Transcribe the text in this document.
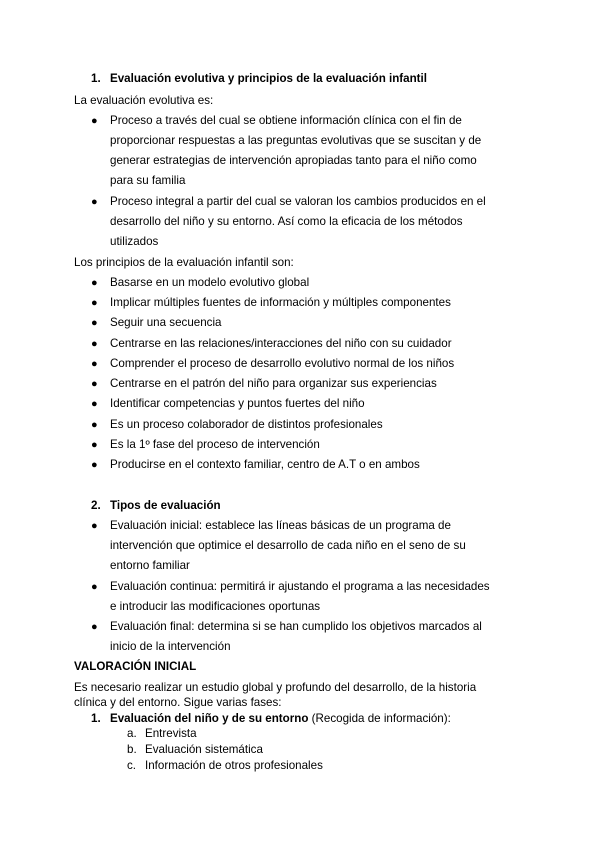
1. Evaluación evolutiva y principios de la evaluación infantil
La evaluación evolutiva es:
● Proceso a través del cual se obtiene información clínica con el fin de
proporcionar respuestas a las preguntas evolutivas que se suscitan y de
generar estrategias de intervención apropiadas tanto para el niño como
para su familia
● Proceso integral a partir del cual se valoran los cambios producidos en el
desarrollo del niño y su entorno. Así como la eficacia de los métodos
utilizados
Los principios de la evaluación infantil son:
● Basarse en un modelo evolutivo global
● Implicar múltiples fuentes de información y múltiples componentes
● Seguir una secuencia
● Centrarse en las relaciones/interacciones del niño con su cuidador
● Comprender el proceso de desarrollo evolutivo normal de los niños
● Centrarse en el patrón del niño para organizar sus experiencias
● Identificar competencias y puntos fuertes del niño
● Es un proceso colaborador de distintos profesionales
● Es la 1º fase del proceso de intervención
● Producirse en el contexto familiar, centro de A.T o en ambos
2. Tipos de evaluación
● Evaluación inicial: establece las líneas básicas de un programa de
intervención que optimice el desarrollo de cada niño en el seno de su
entorno familiar
● Evaluación continua: permitirá ir ajustando el programa a las necesidades
e introducir las modificaciones oportunas
● Evaluación final: determina si se han cumplido los objetivos marcados al
inicio de la intervención
VALORACIÓN INICIAL
Es necesario realizar un estudio global y profundo del desarrollo, de la historia
clínica y del entorno. Sigue varias fases:
1. Evaluación del niño y de su entorno (Recogida de información):
a. Entrevista
b. Evaluación sistemática
c. Información de otros profesionales
